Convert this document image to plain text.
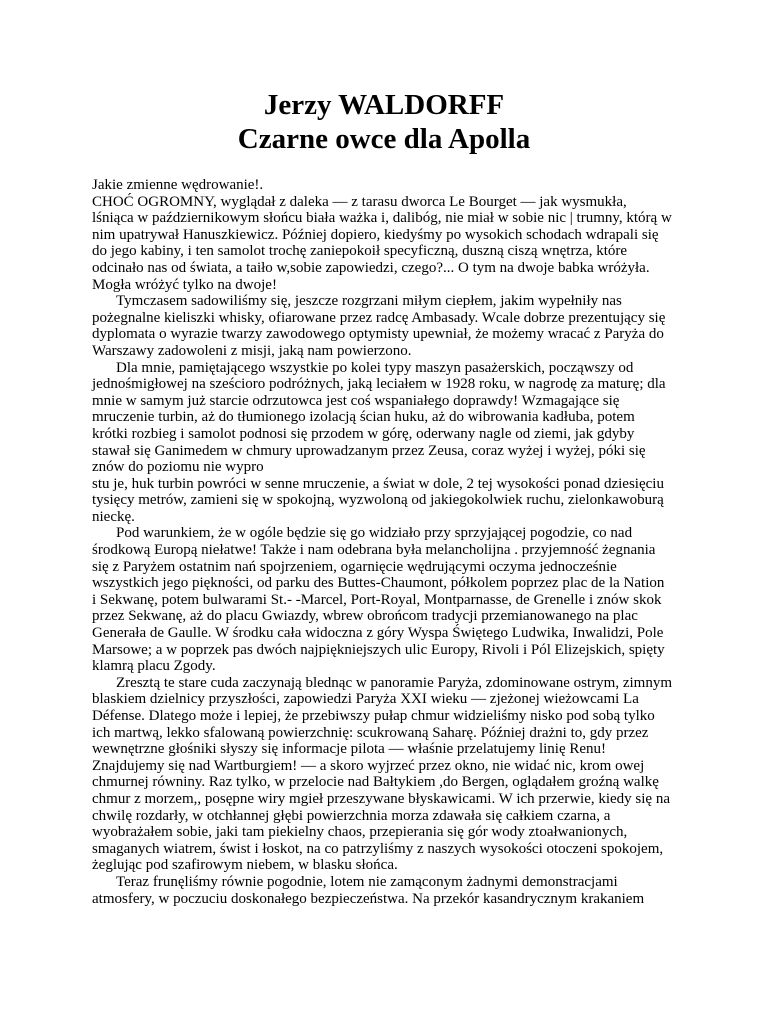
Jerzy WALDORFF
Czarne owce dla Apolla

Jakie zmienne wędrowanie!.

CHOĆ OGROMNY, wyglądał z daleka — z tarasu dworca Le Bourget — jak wysmukła, lśniąca w październikowym słońcu biała ważka i, dalibóg, nie miał w sobie nic | trumny, którą w nim upatrywał Hanuszkiewicz. Później dopiero, kiedyśmy po wysokich schodach wdrapali się do jego kabiny, i ten samolot trochę zaniepokoił specyficzną, duszną ciszą wnętrza, które odcinało nas od świata, a taiło w,sobie zapowiedzi, czego?... O tym na dwoje babka wróżyła. Mogła wróżyć tylko na dwoje!

Tymczasem sadowiliśmy się, jeszcze rozgrzani miłym ciepłem, jakim wypełniły nas pożegnalne kieliszki whisky, ofiarowane przez radcę Ambasady. Wcale dobrze prezentujący się dyplomata o wyrazie twarzy zawodowego optymisty upewniał, że możemy wracać z Paryża do Warszawy zadowoleni z misji, jaką nam powierzono.

Dla mnie, pamiętającego wszystkie po kolei typy maszyn pasażerskich, począwszy od jednośmigłowej na sześcioro podróżnych, jaką leciałem w 1928 roku, w nagrodę za maturę; dla mnie w samym już starcie odrzutowca jest coś wspaniałego doprawdy! Wzmagające się mruczenie turbin, aż do tłumionego izolacją ścian huku, aż do wibrowania kadłuba, potem krótki rozbieg i samolot podnosi się przodem w górę, oderwany nagle od ziemi, jak gdyby stawał się Ganimedem w chmury uprowadzanym przez Zeusa, coraz wyżej i wyżej, póki się znów do poziomu nie wypro

stu je, huk turbin powróci w senne mruczenie, a świat w dole, 2 tej wysokości ponad dziesięciu tysięcy metrów, zamieni się w spokojną, wyzwoloną od jakiegokolwiek ruchu, zielonkawoburą nieckę.

Pod warunkiem, że w ogóle będzie się go widziało przy sprzyjającej pogodzie, co nad środkową Europą niełatwe! Także i nam odebrana była melancholijna . przyjemność żegnania się z Paryżem ostatnim nań spojrzeniem, ogarnięcie wędrującymi oczyma jednocześnie wszystkich jego piękności, od parku des Buttes-Chaumont, półkolem poprzez plac de la Nation i Sekwanę, potem bulwarami St.- -Marcel, Port-Royal, Montparnasse, de Grenelle i znów skok przez Sekwanę, aż do placu Gwiazdy, wbrew obrońcom tradycji przemianowanego na plac Generała de Gaulle. W środku cała widoczna z góry Wyspa Świętego Ludwika, Inwalidzi, Pole Marsowe; a w poprzek pas dwóch najpiękniejszych ulic Europy, Rivoli i Pól Elizejskich, spięty klamrą placu Zgody.

Zresztą te stare cuda zaczynają blednąc w panoramie Paryża, zdominowane ostrym, zimnym blaskiem dzielnicy przyszłości, zapowiedzi Paryża XXI wieku — zjeżonej wieżowcami La Défense. Dlatego może i lepiej, że przebiwszy pułap chmur widzieliśmy nisko pod sobą tylko ich martwą, lekko sfalowaną powierzchnię: scukrowaną Saharę. Później drażni to, gdy przez wewnętrzne głośniki słyszy się informacje pilota — właśnie przelatujemy linię Renu! Znajdujemy się nad Wartburgiem! — a skoro wyjrzeć przez okno, nie widać nic, krom owej chmurnej równiny. Raz tylko, w przelocie nad Bałtykiem ,do Bergen, oglądałem groźną walkę chmur z morzem,, posępne wiry mgieł przeszywane błyskawicami. W ich przerwie, kiedy się na chwilę rozdarły, w otchłannej głębi powierzchnia morza zdawała się całkiem czarna, a wyobrażałem sobie, jaki tam piekielny chaos, przepierania się gór wody ztoałwanionych, smaganych wiatrem, świst i łoskot, na co patrzyliśmy z naszych wysokości otoczeni spokojem, żeglując pod szafirowym niebem, w blasku słońca.

Teraz frunęliśmy równie pogodnie, lotem nie zamąconym żadnymi demonstracjami atmosfery, w poczuciu doskonałego bezpieczeństwa. Na przekór kasandrycznym krakaniem
